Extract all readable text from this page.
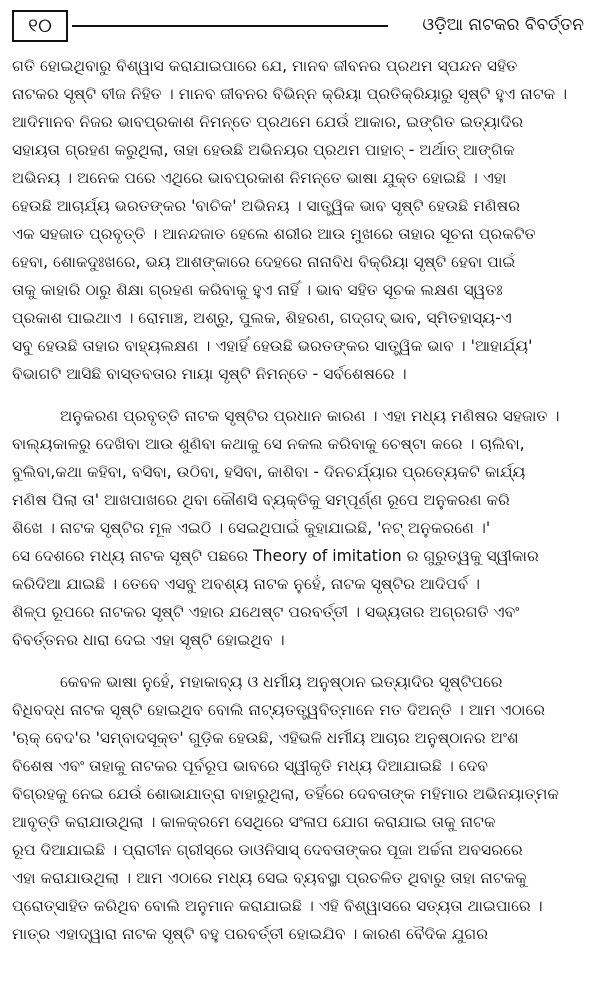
୧୦	ଓଡ଼ିଆ ନାଟକର ବିବର୍ତ୍ତନ
ଗତି ହୋଇଥିବାରୁ ବିଶ୍ୱାସ କରାଯାଇପାରେ ଯେ, ମାନବ ଜୀବନର ପ୍ରଥମ ସ୍ପନ୍ଦନ ସହିତ
ନାଟକର ସୃଷ୍ଟି ବୀଜ ନିହିତ । ମାନବ ଜୀବନର ବିଭିନ୍ନ କ୍ରିୟା ପ୍ରତିକ୍ରିୟାରୁ ସୃଷ୍ଟି ହୁଏ ନାଟକ ।
ଆଦିମାନବ ନିଜର ଭାବପ୍ରକାଶ ନିମନ୍ତେ ପ୍ରଥମେ ଯେଉଁ ଆକାର, ଇଙ୍ଗିତ ଇତ୍ୟାଦିର
ସହାୟତା ଗ୍ରହଣ କରୁଥିଲା, ତାହା ହେଉଛି ଅଭିନୟର ପ୍ରଥମ ପାହାଚ୍ - ଅର୍ଥାତ୍ ଆଙ୍ଗିକ
ଅଭିନୟ । ଅନେକ ପରେ ଏଥିରେ ଭାବପ୍ରକାଶ ନିମନ୍ତେ ଭାଷା ଯୁକ୍ତ ହୋଇଛି । ଏହା
ହେଉଛି ଆଚାର୍ଯ୍ୟ ଭରତଙ୍କର 'ବାଚିକ' ଅଭିନୟ । ସାତ୍ତ୍ୱିକ ଭାବ ସୃଷ୍ଟି ହେଉଛି ମଣିଷର
ଏକ ସହଜାତ ପ୍ରବୃତ୍ତି । ଆନନ୍ଦଜାତ ହେଲେ ଶରୀର ଆଉ ମୁଖରେ ତାହାର ସୂଚନା ପ୍ରକଟିତ
ହେବା, ଶୋକଦୁଃଖରେ, ଭୟ ଆଶଙ୍କାରେ ଦେହରେ ନାନାବିଧ ବିକ୍ରିୟା ସୃଷ୍ଟି ହେବା ପାଇଁ
ତାକୁ କାହାରି ଠାରୁ ଶିକ୍ଷା ଗ୍ରହଣ କରିବାକୁ ହୁଏ ନାହିଁ । ଭାବ ସହିତ ସୂଚକ ଲକ୍ଷଣ ସ୍ୱତଃ
ପ୍ରକାଶ ପାଇଥାଏ । ରୋମାଞ୍ଚ, ଅଶ୍ରୁ, ପୁଲକ, ଶିହରଣ, ଗଦ୍‌ଗଦ୍ ଭାବ, ସ୍ମିତହାସ୍ୟ-ଏ
ସବୁ ହେଉଛି ତାହାର ବାହ୍ୟଲକ୍ଷଣ । ଏହାହିଁ ହେଉଛି ଭରତଙ୍କର ସାତ୍ତ୍ୱିକ ଭାବ । 'ଆହାର୍ଯ୍ୟ'
ବିଭାଗଟି ଆସିଛି ବାସ୍ତବତାର ମାୟା ସୃଷ୍ଟି ନିମନ୍ତେ - ସର୍ବଶେଷରେ ।
ଅନୁକରଣ ପ୍ରବୃତ୍ତି ନାଟକ ସୃଷ୍ଟିର ପ୍ରଧାନ କାରଣ । ଏହା ମଧ୍ୟ ମଣିଷର ସହଜାତ ।
ବାଲ୍ୟକାଳରୁ ଦେଖିବା ଆଉ ଶୁଣିବା କଥାକୁ ସେ ନକଲ କରିବାକୁ ଚେଷ୍ଟା କରେ । ଚାଲିବା,
ବୁଲିବା,କଥା କହିବା, ବସିବା, ଉଠିବା, ହସିବା, କାଶିବା - ଦିନଚର୍ଯ୍ୟାର ପ୍ରତ୍ୟେକଟି କାର୍ଯ୍ୟ
ମଣିଷ ପିଲା ତା' ଆଖପାଖରେ ଥିବା କୌଣସି ବ୍ୟକ୍ତିକୁ ସମ୍ପୂର୍ଣ୍ଣ ରୂପେ ଅନୁକରଣ କରି
ଶିଖେ । ନାଟକ ସୃଷ୍ଟିର ମୂଳ ଏଇଠି । ସେଇଥିପାଇଁ କୁହାଯାଇଛି, 'ନଟ୍ ଅନୁକରଣେ ।'
ସେ ଦେଶରେ ମଧ୍ୟ ନାଟକ ସୃଷ୍ଟି ପଛରେ Theory of imitation ର ଗୁରୁତ୍ୱକୁ ସ୍ୱୀକାର
କରିଦିଆ ଯାଇଛି । ତେବେ ଏସବୁ ଅବଶ୍ୟ ନାଟକ ନୁହେଁ, ନାଟକ ସୃଷ୍ଟିର ଆଦିପର୍ବ ।
ଶିଳ୍ପ ରୂପରେ ନାଟକର ସୃଷ୍ଟି ଏହାର ଯଥେଷ୍ଟ ପରବର୍ତ୍ତୀ । ସଭ୍ୟତାର ଅଗ୍ରଗତି ଏବଂ
ବିବର୍ତ୍ତନର ଧାରା ଦେଇ ଏହା ସୃଷ୍ଟି ହୋଇଥିବ ।
କେବଳ ଭାଷା ନୁହେଁ, ମହାକାବ୍ୟ ଓ ଧର୍ମୀୟ ଅନୁଷ୍ଠାନ ଇତ୍ୟାଦିର ସୃଷ୍ଟିପରେ
ବିଧିବଦ୍ଧ ନାଟକ ସୃଷ୍ଟି ହୋଇଥିବ ବୋଲି ନାଟ୍ୟତତ୍ତ୍ୱବିତ୍‌ମାନେ ମତ ଦିଅନ୍ତି । ଆମ ଏଠାରେ
'ଋକ୍ ବେଦ'ର 'ସମ୍ବାଦସୂକ୍ତ' ଗୁଡ଼ିକ ହେଉଛି, ଏହିଭଳି ଧର୍ମୀୟ ଆଚାର ଅନୁଷ୍ଠାନର ଅଂଶ
ବିଶେଷ ଏବଂ ତାହାକୁ ନାଟକର ପୂର୍ବରୂପ ଭାବରେ ସ୍ୱୀକୃତି ମଧ୍ୟ ଦିଆଯାଇଛି । ଦେବ
ବିଗ୍ରହକୁ ନେଇ ଯେଉଁ ଶୋଭାଯାତ୍ରା ବାହାରୁଥିଲା, ତହିଁରେ ଦେବତାଙ୍କ ମହିମାର ଅଭିନୟାତ୍ମକ
ଆବୃତ୍ତି କରାଯାଉଥିଲା । କାଳକ୍ରମେ ସେଥିରେ ସଂଳାପ ଯୋଗ କରାଯାଇ ତାକୁ ନାଟକ
ରୂପ ଦିଆଯାଇଛି । ପ୍ରାଚୀନ ଗ୍ରୀସ୍‌ରେ ଡାଓନିସାସ୍ ଦେବତାଙ୍କର ପୂଜା ଅର୍ଚ୍ଚନା ଅବସରରେ
ଏହା କରାଯାଉଥିଲା । ଆମ ଏଠାରେ ମଧ୍ୟ ସେଇ ବ୍ୟବସ୍ଥା ପ୍ରଚଳିତ ଥିବାରୁ ତାହା ନାଟକକୁ
ପ୍ରୋତ୍ସାହିତ କରିଥିବ ବୋଲି ଅନୁମାନ କରାଯାଇଛି । ଏହି ବିଶ୍ୱାସରେ ସତ୍ୟତା ଥାଇପାରେ ।
ମାତ୍ର ଏହାଦ୍ୱାରା ନାଟକ ସୃଷ୍ଟି ବହୁ ପରବର୍ତ୍ତୀ ହୋଇଯିବ । କାରଣ ବୈଦିକ ଯୁଗର
